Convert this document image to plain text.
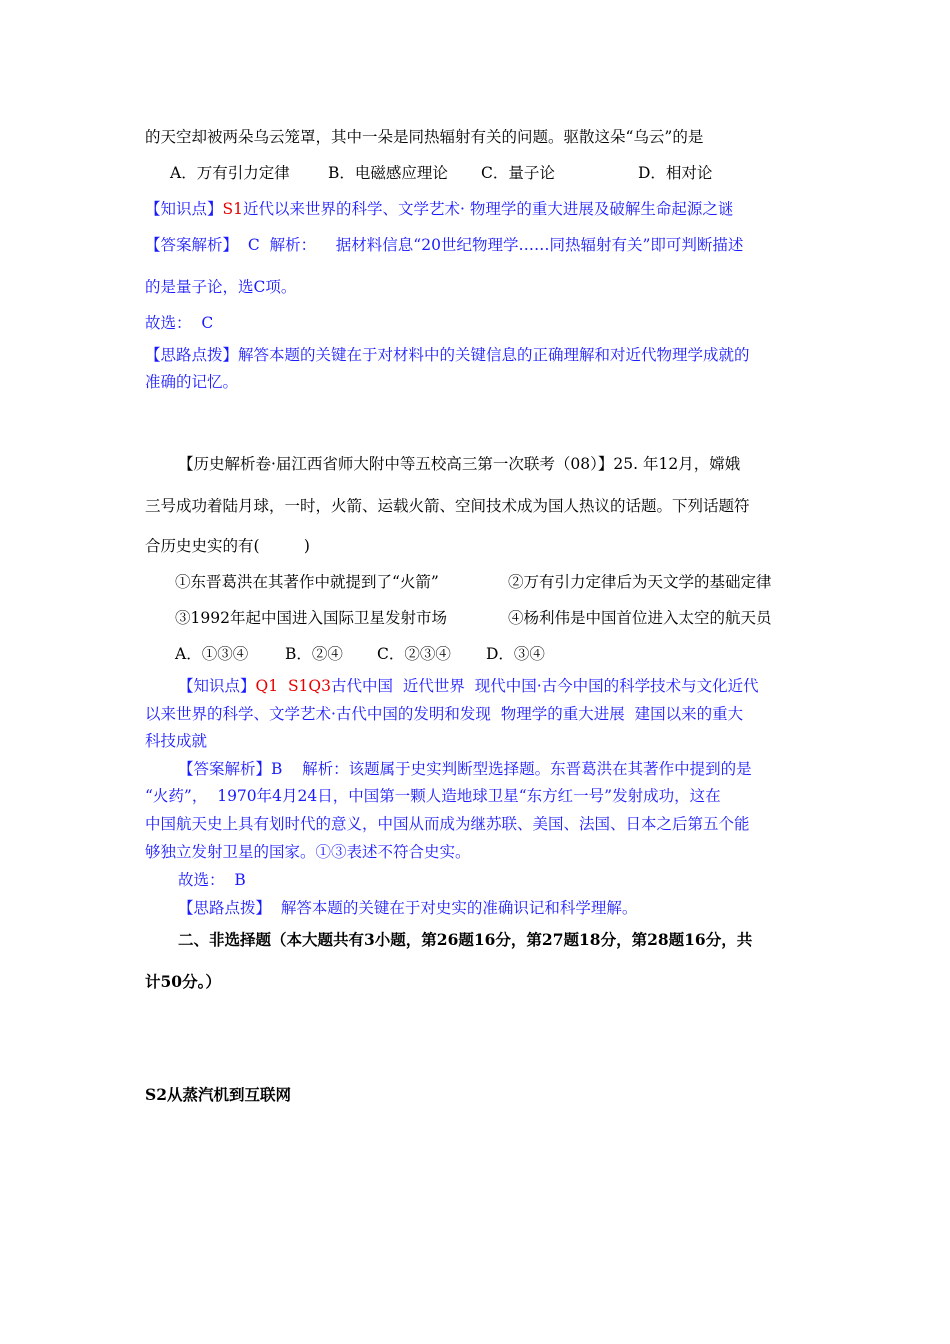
的天空却被两朵乌云笼罩，其中一朵是同热辐射有关的问题。驱散这朵“乌云”的是
A．万有引力定律 B．电磁感应理论 C．量子论	D．相对论
【知识点】S1近代以来世界的科学、文学艺术· 物理学的重大进展及破解生命起源之谜
【答案解析】  C  解析：    据材料信息“20世纪物理学……同热辐射有关”即可判断描述
的是量子论，选C项。
故选：  C
【思路点拨】解答本题的关键在于对材料中的关键信息的正确理解和对近代物理学成就的
准确的记忆。
【历史解析卷·届江西省师大附中等五校高三第一次联考（08）】25. 年12月，嫦娥
三号成功着陆月球，一时，火箭、运载火箭、空间技术成为国人热议的话题。下列话题符
合历史史实的有(         )
①东晋葛洪在其著作中就提到了“火箭”	②万有引力定律后为天文学的基础定律
③1992年起中国进入国际卫星发射市场	④杨利伟是中国首位进入太空的航天员
A．①③④ B．②④ C．②③④ D．③④
【知识点】Q1  S1Q3古代中国  近代世界  现代中国·古今中国的科学技术与文化近代
以来世界的科学、文学艺术·古代中国的发明和发现  物理学的重大进展  建国以来的重大
科技成就
【答案解析】B    解析：该题属于史实判断型选择题。东晋葛洪在其著作中提到的是
“火药”，  1970年4月24日，中国第一颗人造地球卫星“东方红一号”发射成功，这在
中国航天史上具有划时代的意义，中国从而成为继苏联、美国、法国、日本之后第五个能
够独立发射卫星的国家。①③表述不符合史实。
故选：  B
【思路点拨】  解答本题的关键在于对史实的准确识记和科学理解。
二、非选择题（本大题共有3小题，第26题16分，第27题18分，第28题16分，共
计50分。）
S2从蒸汽机到互联网
